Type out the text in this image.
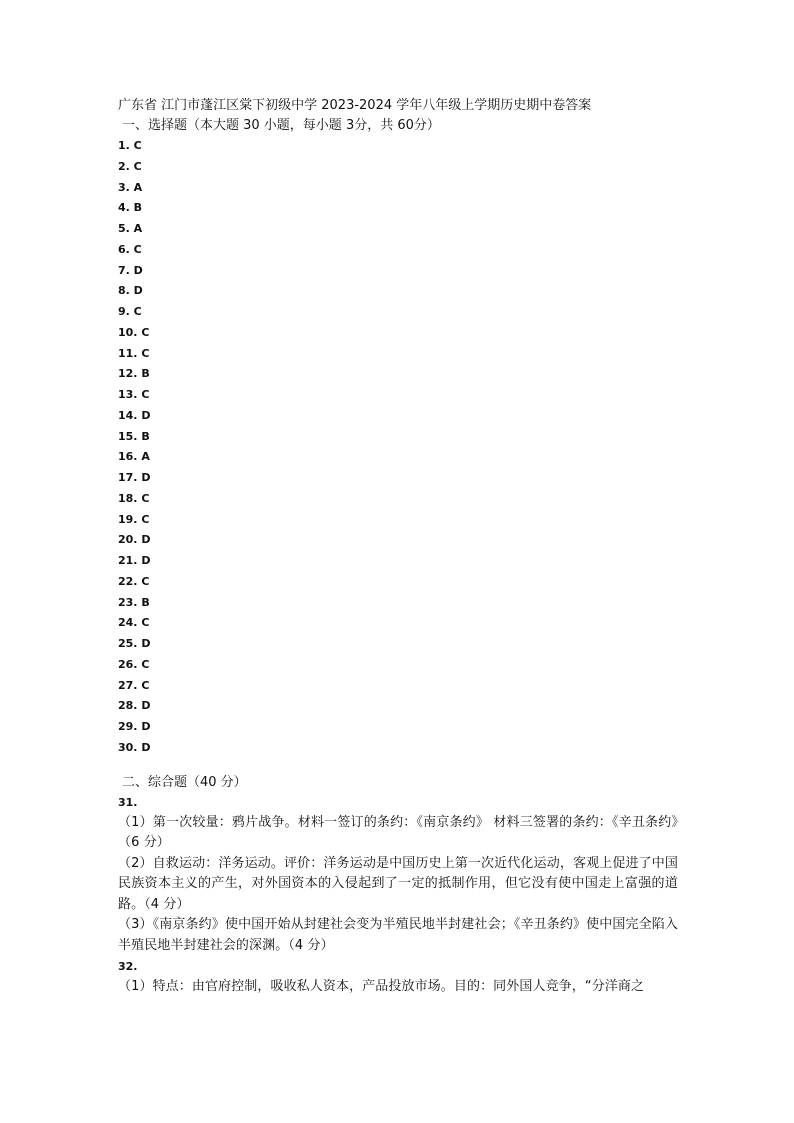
广东省 江门市蓬江区棠下初级中学 2023-2024 学年八年级上学期历史期中卷答案
一、选择题（本大题 30 小题，每小题 3分，共 60分）
1. C
2. C
3. A
4. B
5. A
6. C
7. D
8. D
9. C
10. C
11. C
12. B
13. C
14. D
15. B
16. A
17. D
18. C
19. C
20. D
21. D
22. C
23. B
24. C
25. D
26. C
27. C
28. D
29. D
30. D
二、综合题（40 分）
31.

（1）第一次较量：鸦片战争。材料一签订的条约：《南京条约》 材料三签署的条约：《辛丑条约》（6 分）

（2）自救运动：洋务运动。评价：洋务运动是中国历史上第一次近代化运动，客观上促进了中国民族资本主义的产生，对外国资本的入侵起到了一定的抵制作用，但它没有使中国走上富强的道路。（4 分）

（3）《南京条约》使中国开始从封建社会变为半殖民地半封建社会；《辛丑条约》使中国完全陷入半殖民地半封建社会的深渊。（4 分）

32.

（1）特点：由官府控制，吸收私人资本，产品投放市场。目的：同外国人竞争，“分洋商之
